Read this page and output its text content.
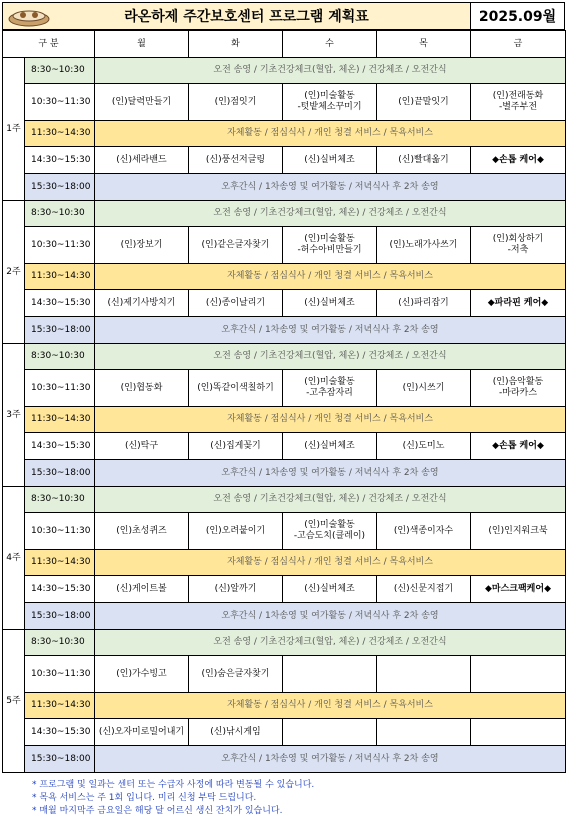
라온하제 주간보호센터 프로그램 계획표	2025.09월
구 분		월	화	수	목	금
1주	8:30~10:30	오전 송영 / 기초건강체크(혈압, 체온) / 건강체조 / 오전간식				
	10:30~11:30	(인)달력만들기	(인)점잇기	(인)미술활동
-텃밭체소꾸미기	(인)끝말잇기	(인)전래동화
-별주부전
	11:30~14:30	자체활동 / 점심식사 / 개인 청결 서비스 / 목욕서비스				
	14:30~15:30	(신)세라밴드	(신)풍선저글링	(신)실버체조	(신)빨대옮기	◆손톱 케어◆
	15:30~18:00	오후간식 / 1차송영 및 여가활동 / 저녁식사 후 2차 송영				
2주	8:30~10:30	오전 송영 / 기초건강체크(혈압, 체온) / 건강체조 / 오전간식				
	10:30~11:30	(인)장보기	(인)같은글자찾기	(인)미술활동
-허수아비만들기	(인)노래가사쓰기	(인)회상하기
-저축
	11:30~14:30	자체활동 / 점심식사 / 개인 청결 서비스 / 목욕서비스				
	14:30~15:30	(신)제기사방치기	(신)종이날리기	(신)실버체조	(신)파리잡기	◆파라핀 케어◆
	15:30~18:00	오후간식 / 1차송영 및 여가활동 / 저녁식사 후 2차 송영				
3주	8:30~10:30	오전 송영 / 기초건강체크(혈압, 체온) / 건강체조 / 오전간식				
	10:30~11:30	(인)협동화	(인)똑같이색칠하기	(인)미술활동
-고추잠자리	(인)시쓰기	(인)음악활동
-마라카스
	11:30~14:30	자체활동 / 점심식사 / 개인 청결 서비스 / 목욕서비스				
	14:30~15:30	(신)탁구	(신)집게꽂기	(신)실버체조	(신)도미노	◆손톱 케어◆
	15:30~18:00	오후간식 / 1차송영 및 여가활동 / 저녁식사 후 2차 송영				
4주	8:30~10:30	오전 송영 / 기초건강체크(혈압, 체온) / 건강체조 / 오전간식				
	10:30~11:30	(인)초성퀴즈	(인)오려붙이기	(인)미술활동
-고슴도치(클레이)	(인)색종이자수	(인)인지워크북
	11:30~14:30	자체활동 / 점심식사 / 개인 청결 서비스 / 목욕서비스				
	14:30~15:30	(신)게이트볼	(신)알까기	(신)실버체조	(신)신문지접기	◆마스크팩케어◆
	15:30~18:00	오후간식 / 1차송영 및 여가활동 / 저녁식사 후 2차 송영				
5주	8:30~10:30	오전 송영 / 기초건강체크(혈압, 체온) / 건강체조 / 오전간식				
	10:30~11:30	(인)가수빙고	(인)숨은글자찾기			
	11:30~14:30	자체활동 / 점심식사 / 개인 청결 서비스 / 목욕서비스				
	14:30~15:30	(신)오자미로밀어내기	(신)낚시게임			
	15:30~18:00	오후간식 / 1차송영 및 여가활동 / 저녁식사 후 2차 송영				
* 프로그램 및 일과는 센터 또는 수급자 사정에 따라 변동될 수 있습니다.
* 목욕 서비스는 주 1회 입니다. 미리 신청 부탁 드립니다.
* 매월 마지막주 금요일은 해당 달 어르신 생신 잔치가 있습니다.
